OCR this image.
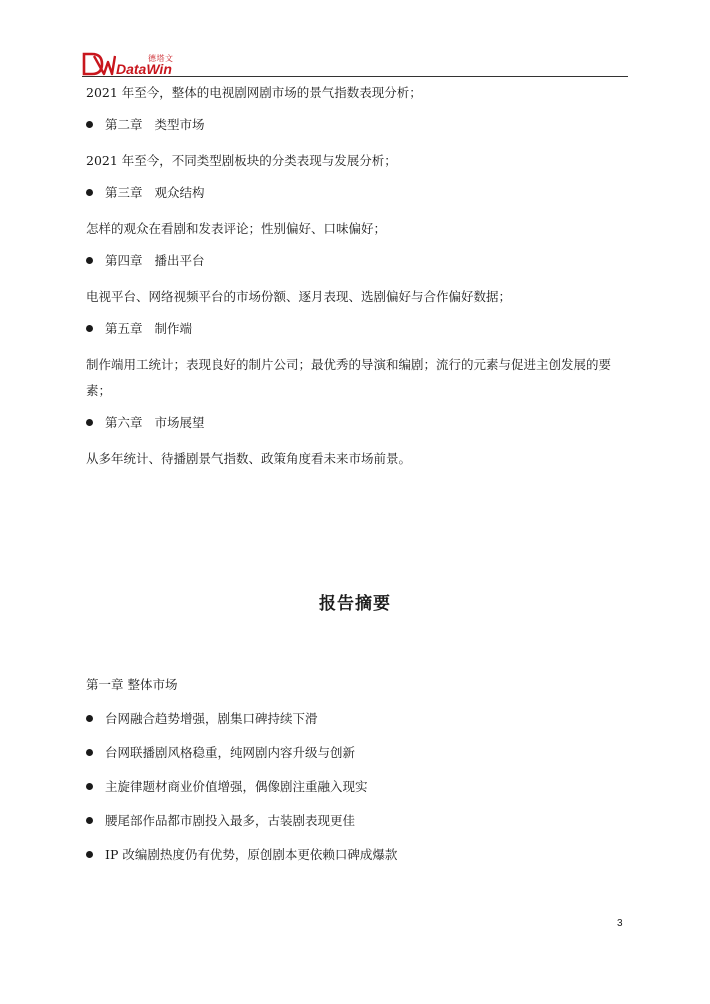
德塔文
DataWin
2021 年至今，整体的电视剧网剧市场的景气指数表现分析；
第二章 类型市场
2021 年至今，不同类型剧板块的分类表现与发展分析；
第三章 观众结构
怎样的观众在看剧和发表评论；性别偏好、口味偏好；
第四章 播出平台
电视平台、网络视频平台的市场份额、逐月表现、选剧偏好与合作偏好数据；
第五章 制作端
制作端用工统计；表现良好的制片公司；最优秀的导演和编剧；流行的元素与促进主创发展的要素；
第六章 市场展望
从多年统计、待播剧景气指数、政策角度看未来市场前景。
报告摘要
第一章 整体市场
台网融合趋势增强，剧集口碑持续下滑
台网联播剧风格稳重，纯网剧内容升级与创新
主旋律题材商业价值增强，偶像剧注重融入现实
腰尾部作品都市剧投入最多，古装剧表现更佳
IP 改编剧热度仍有优势，原创剧本更依赖口碑成爆款
3
